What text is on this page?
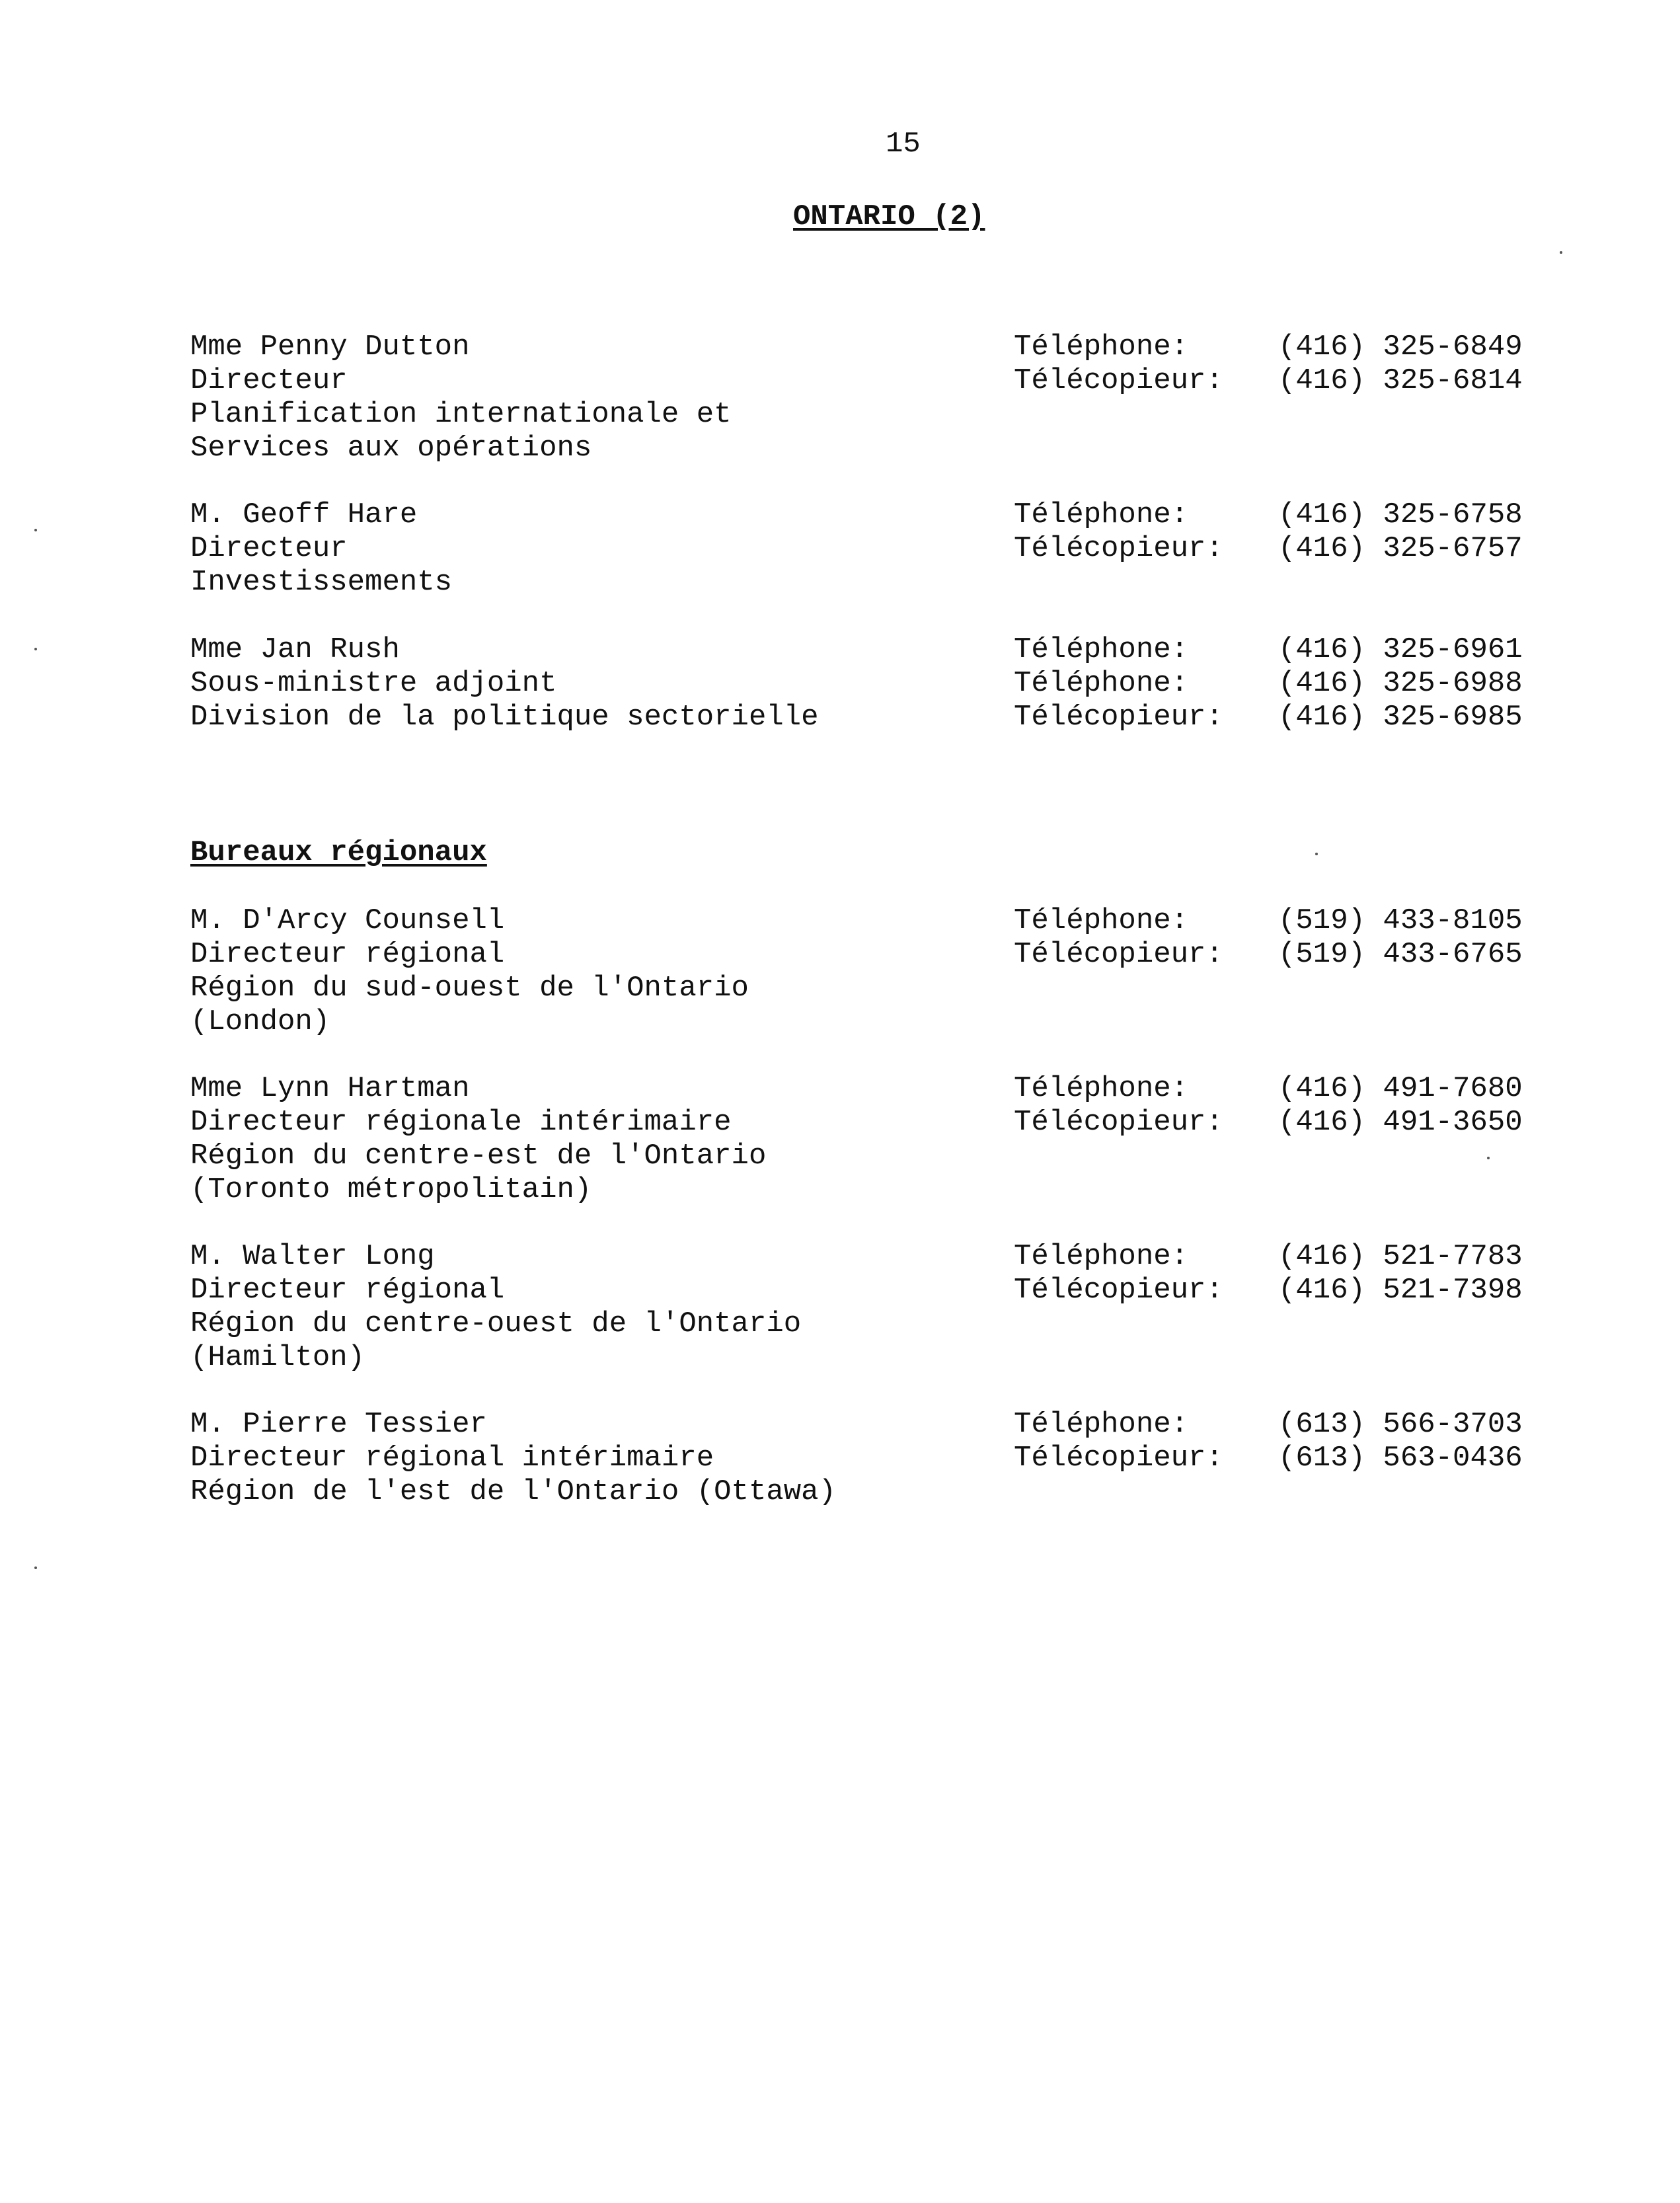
15
ONTARIO (2)
Mme Penny Dutton
Directeur
Planification internationale et
Services aux opérations
Téléphone:	(416) 325-6849
Télécopieur:	(416) 325-6814
M. Geoff Hare
Directeur
Investissements
Téléphone:	(416) 325-6758
Télécopieur:	(416) 325-6757
Mme Jan Rush
Sous-ministre adjoint
Division de la politique sectorielle
Téléphone:	(416) 325-6961
Téléphone:	(416) 325-6988
Télécopieur:	(416) 325-6985
Bureaux régionaux
M. D'Arcy Counsell
Directeur régional
Région du sud-ouest de l'Ontario
(London)
Téléphone:	(519) 433-8105
Télécopieur:	(519) 433-6765
Mme Lynn Hartman
Directeur régionale intérimaire
Région du centre-est de l'Ontario
(Toronto métropolitain)
Téléphone:	(416) 491-7680
Télécopieur:	(416) 491-3650
M. Walter Long
Directeur régional
Région du centre-ouest de l'Ontario
(Hamilton)
Téléphone:	(416) 521-7783
Télécopieur:	(416) 521-7398
M. Pierre Tessier
Directeur régional intérimaire
Région de l'est de l'Ontario (Ottawa)
Téléphone:	(613) 566-3703
Télécopieur:	(613) 563-0436
